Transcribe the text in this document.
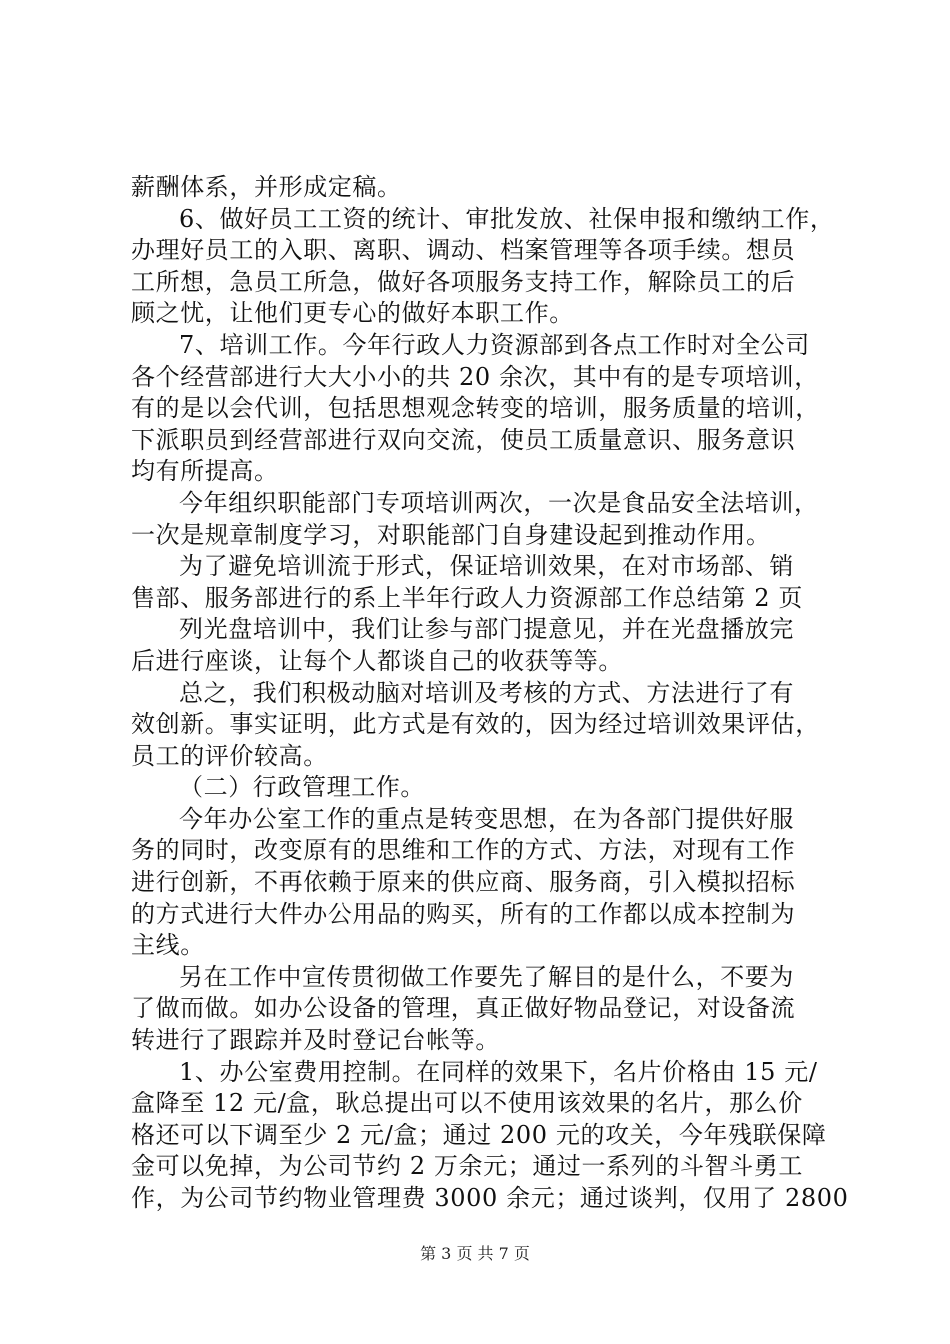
薪酬体系，并形成定稿。
6、做好员工工资的统计、审批发放、社保申报和缴纳工作，
办理好员工的入职、离职、调动、档案管理等各项手续。想员
工所想，急员工所急，做好各项服务支持工作，解除员工的后
顾之忧，让他们更专心的做好本职工作。
7、培训工作。今年行政人力资源部到各点工作时对全公司
各个经营部进行大大小小的共 20 余次，其中有的是专项培训，
有的是以会代训，包括思想观念转变的培训，服务质量的培训，
下派职员到经营部进行双向交流，使员工质量意识、服务意识
均有所提高。
今年组织职能部门专项培训两次，一次是食品安全法培训，
一次是规章制度学习，对职能部门自身建设起到推动作用。
为了避免培训流于形式，保证培训效果，在对市场部、销
售部、服务部进行的系上半年行政人力资源部工作总结第 2 页
列光盘培训中，我们让参与部门提意见，并在光盘播放完
后进行座谈，让每个人都谈自己的收获等等。
总之，我们积极动脑对培训及考核的方式、方法进行了有
效创新。事实证明，此方式是有效的，因为经过培训效果评估，
员工的评价较高。
（二）行政管理工作。
今年办公室工作的重点是转变思想，在为各部门提供好服
务的同时，改变原有的思维和工作的方式、方法，对现有工作
进行创新，不再依赖于原来的供应商、服务商，引入模拟招标
的方式进行大件办公用品的购买，所有的工作都以成本控制为
主线。
另在工作中宣传贯彻做工作要先了解目的是什么，不要为
了做而做。如办公设备的管理，真正做好物品登记，对设备流
转进行了跟踪并及时登记台帐等。
1、办公室费用控制。在同样的效果下，名片价格由 15 元/
盒降至 12 元/盒，耿总提出可以不使用该效果的名片，那么价
格还可以下调至少 2 元/盒；通过 200 元的攻关，今年残联保障
金可以免掉，为公司节约 2 万余元；通过一系列的斗智斗勇工
作，为公司节约物业管理费 3000 余元；通过谈判，仅用了 2800
第 3 页 共 7 页
